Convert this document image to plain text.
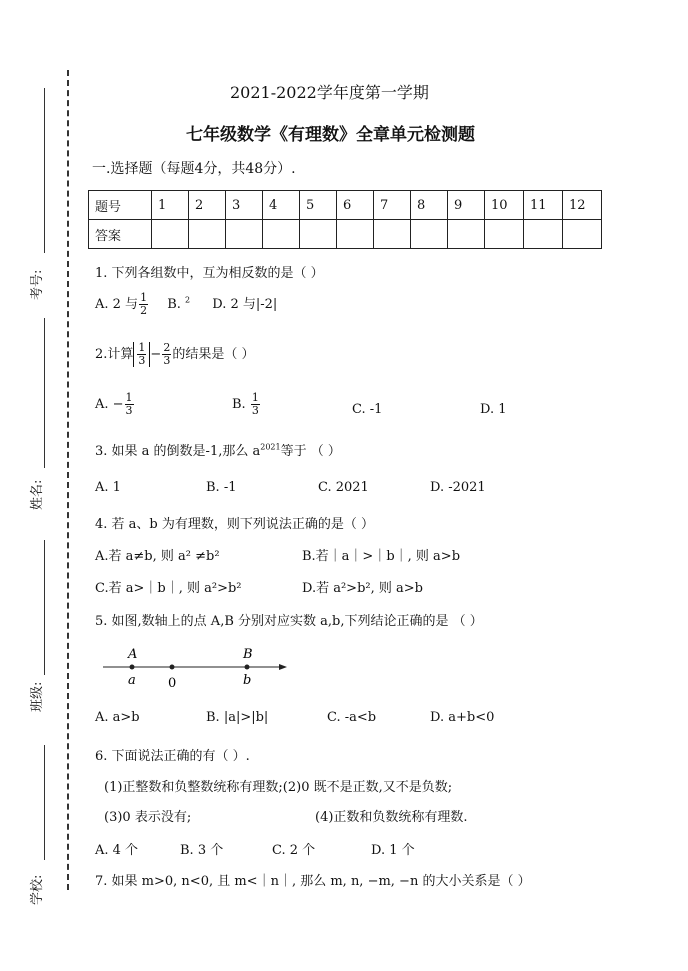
考号:
姓名:
班级:
学校:
2021-2022学年度第一学期
七年级数学《有理数》全章单元检测题
一.选择题（每题4分，共48分）.
题号	1	2	3	4	5	6	7	8	9	10	11	12
答案												
1. 下列各组数中，互为相反数的是（ ）
A. 2 与 $\frac{1}{2} B$. $^2$ D. 2 与|-2|
2.计算 $\frac{1}{3} - \frac{2}{3}$ 的结果是（ ）
A. − $\frac{1}{3}$	B. $\frac{1}{3}$	C. -1	D. 1
3. 如果 a 的倒数是-1,那么 $a^{2021}$等于 （ ）
A. 1	B. -1	C. 2021	D. -2021
4. 若 a、b 为有理数，则下列说法正确的是（ ）
A.若 a≠b, 则 a² ≠b²	B.若｜a｜>｜b｜, 则 a>b
C.若 a>｜b｜, 则 a²>b²	D.若 a²>b², 则 a>b
5. 如图,数轴上的点 A,B 分别对应实数 a,b,下列结论正确的是 （ ）
A
a 0
B
b
A. a>b	B. |a|>|b|	C. -a<b	D. a+b<0
6. 下面说法正确的有（ ）.
(1)正整数和负整数统称有理数;(2)0 既不是正数,又不是负数;
(3)0 表示没有;	(4)正数和负数统称有理数.
A. 4 个	B. 3 个	C. 2 个	D. 1 个
7. 如果 m>0, n<0, 且 m<｜n｜, 那么 m, n, −m, −n 的大小关系是（ ）
